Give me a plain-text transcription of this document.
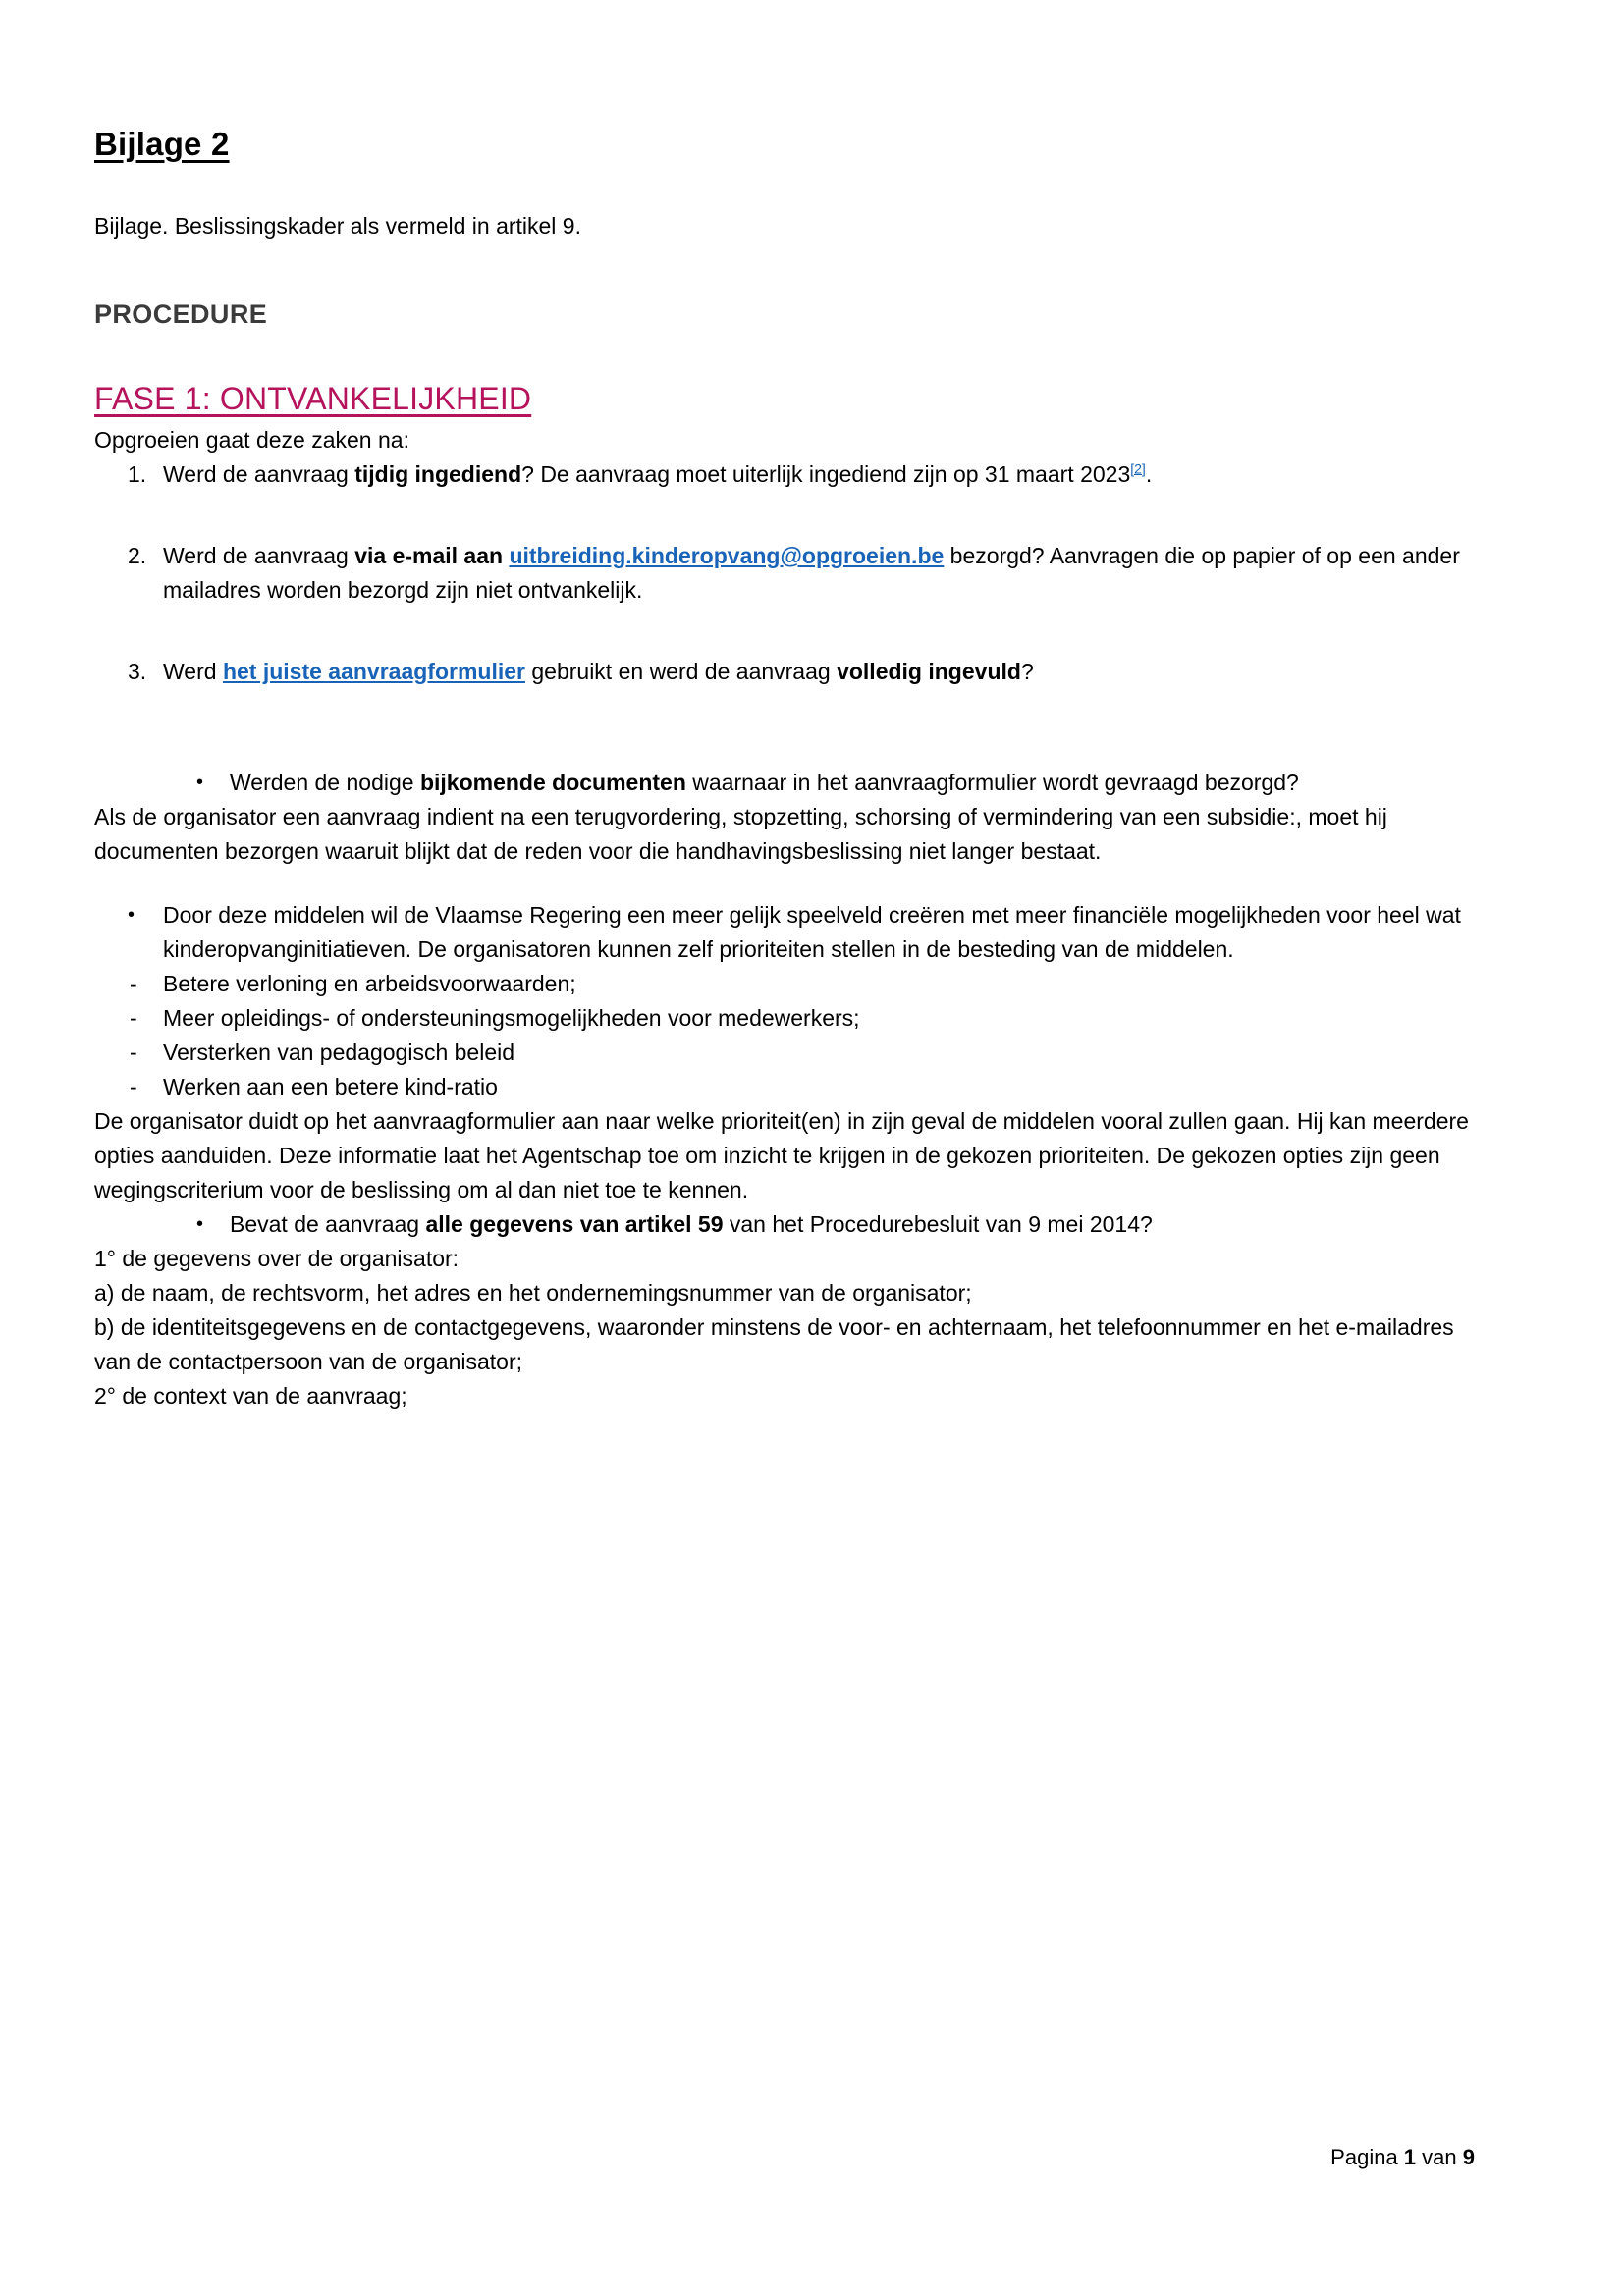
Bijlage 2

Bijlage. Beslissingskader als vermeld in artikel 9.

PROCEDURE
FASE 1: ONTVANKELIJKHEID

Opgroeien gaat deze zaken na:

1. Werd de aanvraag tijdig ingediend? De aanvraag moet uiterlijk ingediend zijn op 31 maart 2023[2].
2. Werd de aanvraag via e-mail aan uitbreiding.kinderopvang@opgroeien.be bezorgd? Aanvragen die op papier of op een ander mailadres worden bezorgd zijn niet ontvankelijk.
3. Werd het juiste aanvraagformulier gebruikt en werd de aanvraag volledig ingevuld?
• Werden de nodige bijkomende documenten waarnaar in het aanvraagformulier wordt gevraagd bezorgd?

Als de organisator een aanvraag indient na een terugvordering, stopzetting, schorsing of vermindering van een subsidie:, moet hij documenten bezorgen waaruit blijkt dat de reden voor die handhavingsbeslissing niet langer bestaat.

• Door deze middelen wil de Vlaamse Regering een meer gelijk speelveld creëren met meer financiële mogelijkheden voor heel wat kinderopvanginitiatieven. De organisatoren kunnen zelf prioriteiten stellen in de besteding van de middelen.
- Betere verloning en arbeidsvoorwaarden;
- Meer opleidings- of ondersteuningsmogelijkheden voor medewerkers;
- Versterken van pedagogisch beleid
- Werken aan een betere kind-ratio

De organisator duidt op het aanvraagformulier aan naar welke prioriteit(en) in zijn geval de middelen vooral zullen gaan. Hij kan meerdere opties aanduiden. Deze informatie laat het Agentschap toe om inzicht te krijgen in de gekozen prioriteiten. De gekozen opties zijn geen wegingscriterium voor de beslissing om al dan niet toe te kennen.

• Bevat de aanvraag alle gegevens van artikel 59 van het Procedurebesluit van 9 mei 2014?

1° de gegevens over de organisator:

a) de naam, de rechtsvorm, het adres en het ondernemingsnummer van de organisator;

b) de identiteitsgegevens en de contactgegevens, waaronder minstens de voor- en achternaam, het telefoonnummer en het e-mailadres van de contactpersoon van de organisator;

2° de context van de aanvraag;

Pagina 1 van 9
